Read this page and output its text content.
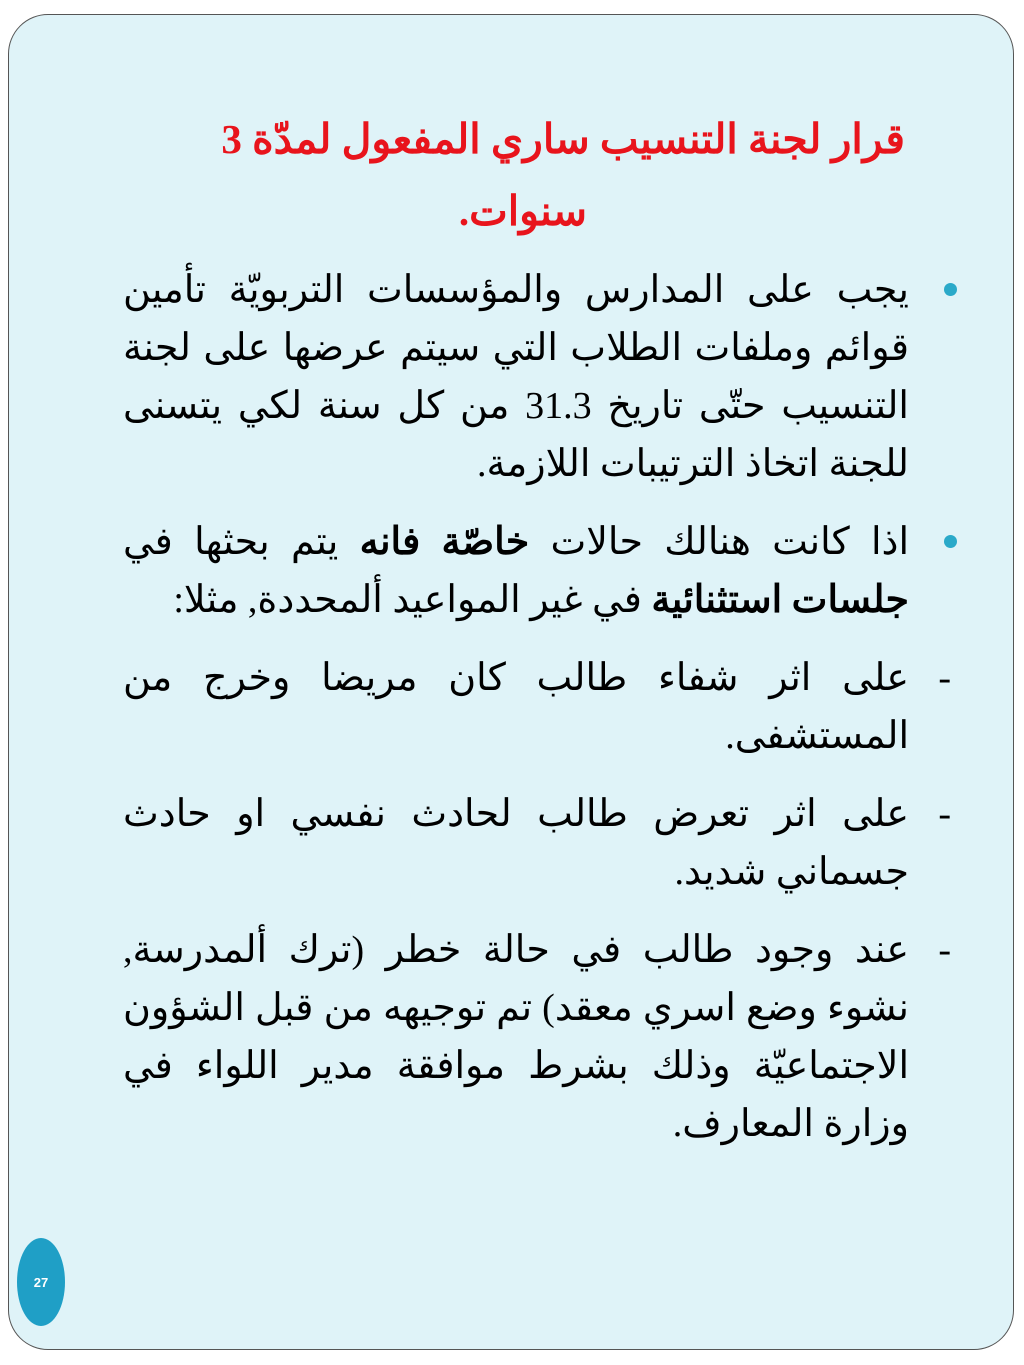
قرار لجنة التنسيب ساري المفعول لمدّة 3

سنوات.

يجب على المدارس والمؤسسات التربويّة تأمين قوائم وملفات الطلاب التي سيتم عرضها على لجنة التنسيب حتّى تاريخ 31.3 من كل سنة لكي يتسنى للجنة اتخاذ الترتيبات اللازمة.

اذا كانت هنالك حالات خاصّة فانه يتم بحثها في جلسات استثنائية في غير المواعيد ألمحددة, مثلا:

-
على اثر شفاء طالب كان مريضا وخرج من المستشفى.

-
على اثر تعرض طالب لحادث نفسي او حادث جسماني شديد.

-
عند وجود طالب في حالة خطر (ترك ألمدرسة, نشوء وضع اسري معقد) تم توجيهه من قبل الشؤون الاجتماعيّة وذلك بشرط موافقة مدير اللواء في وزارة المعارف.

27
